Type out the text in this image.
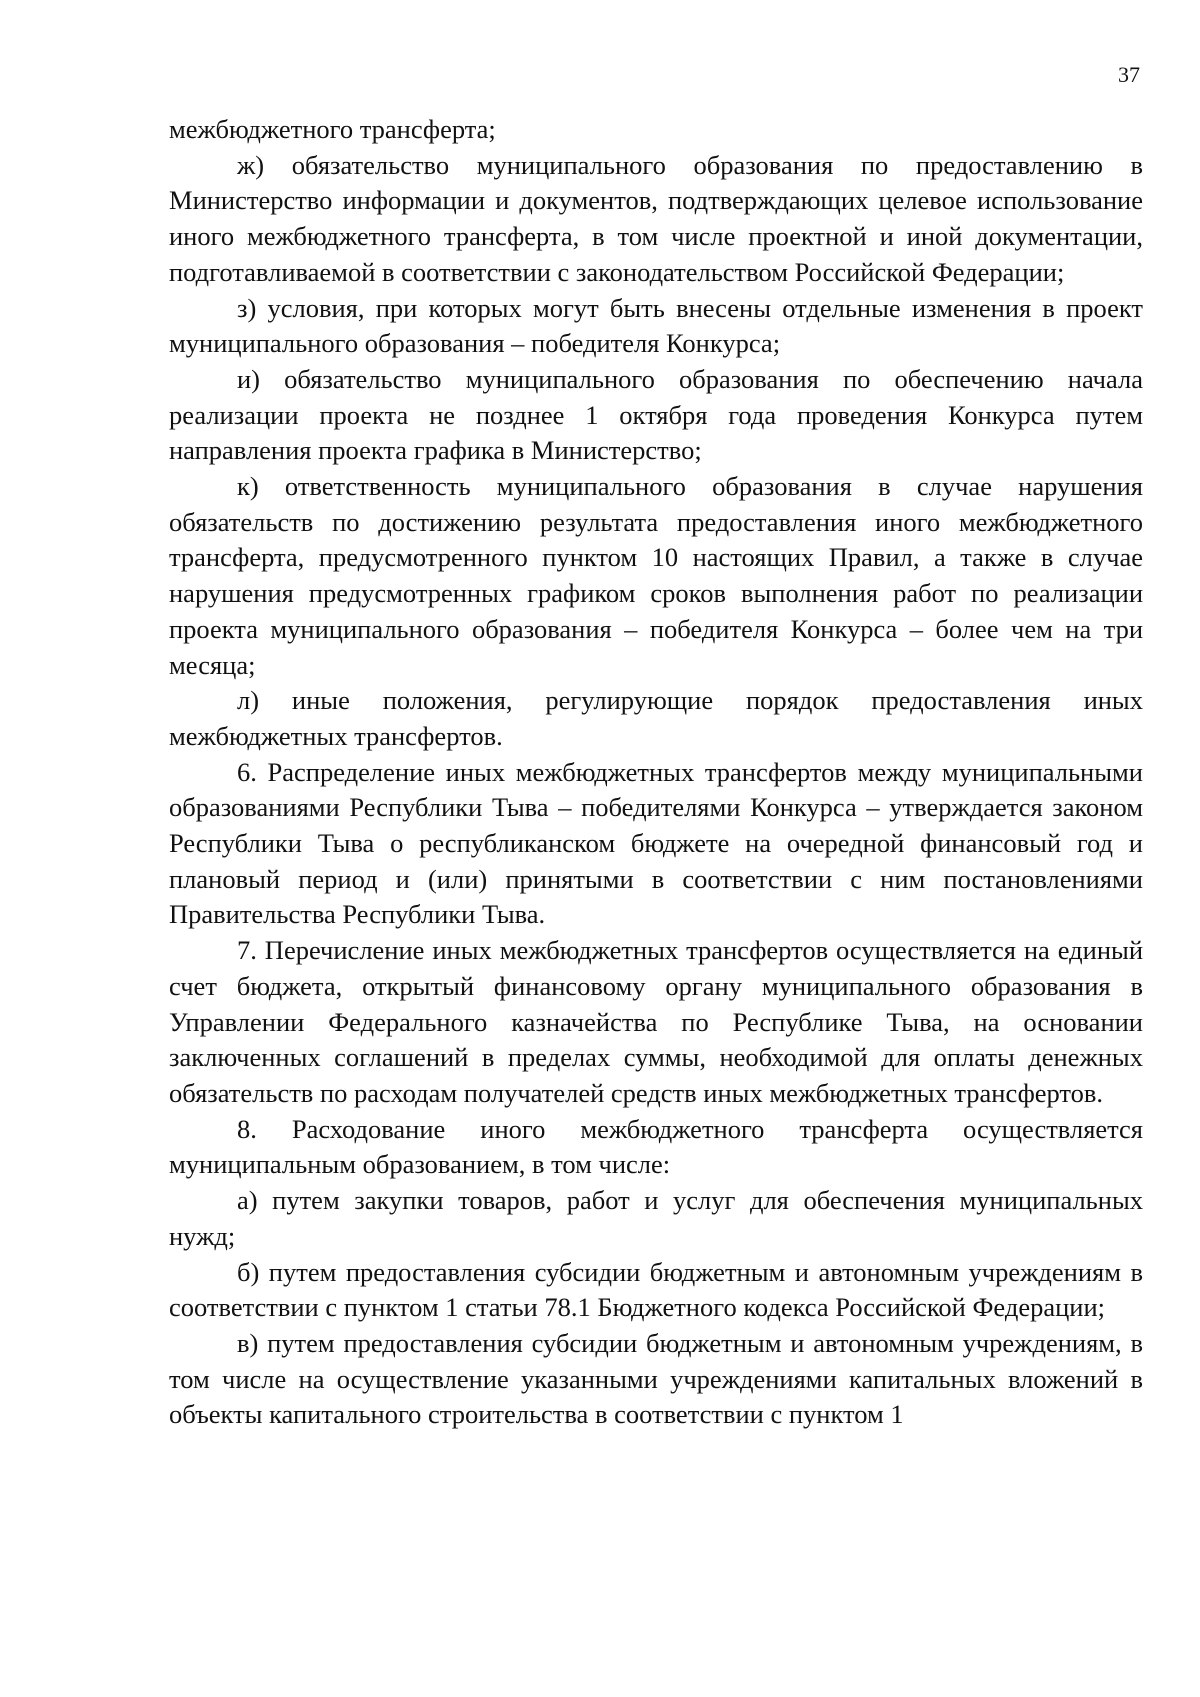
37

межбюджетного трансферта;

ж) обязательство муниципального образования по предоставлению в Министерство информации и документов, подтверждающих целевое использование иного межбюджетного трансферта, в том числе проектной и иной документации, подготавливаемой в соответствии с законодательством Российской Федерации;

з) условия, при которых могут быть внесены отдельные изменения в проект муниципального образования – победителя Конкурса;

и) обязательство муниципального образования по обеспечению начала реализации проекта не позднее 1 октября года проведения Конкурса путем направления проекта графика в Министерство;

к) ответственность муниципального образования в случае нарушения обязательств по достижению результата предоставления иного межбюджетного трансферта, предусмотренного пунктом 10 настоящих Правил, а также в случае нарушения предусмотренных графиком сроков выполнения работ по реализации проекта муниципального образования – победителя Конкурса – более чем на три месяца;

л) иные положения, регулирующие порядок предоставления иных межбюджетных трансфертов.

6. Распределение иных межбюджетных трансфертов между муниципальными образованиями Республики Тыва – победителями Конкурса – утверждается законом Республики Тыва о республиканском бюджете на очередной финансовый год и плановый период и (или) принятыми в соответствии с ним постановлениями Правительства Республики Тыва.

7. Перечисление иных межбюджетных трансфертов осуществляется на единый счет бюджета, открытый финансовому органу муниципального образования в Управлении Федерального казначейства по Республике Тыва, на основании заключенных соглашений в пределах суммы, необходимой для оплаты денежных обязательств по расходам получателей средств иных межбюджетных трансфертов.

8. Расходование иного межбюджетного трансферта осуществляется муниципальным образованием, в том числе:

а) путем закупки товаров, работ и услуг для обеспечения муниципальных нужд;

б) путем предоставления субсидии бюджетным и автономным учреждениям в соответствии с пунктом 1 статьи 78.1 Бюджетного кодекса Российской Федерации;

в) путем предоставления субсидии бюджетным и автономным учреждениям, в том числе на осуществление указанными учреждениями капитальных вложений в объекты капитального строительства в соответствии с пунктом 1
